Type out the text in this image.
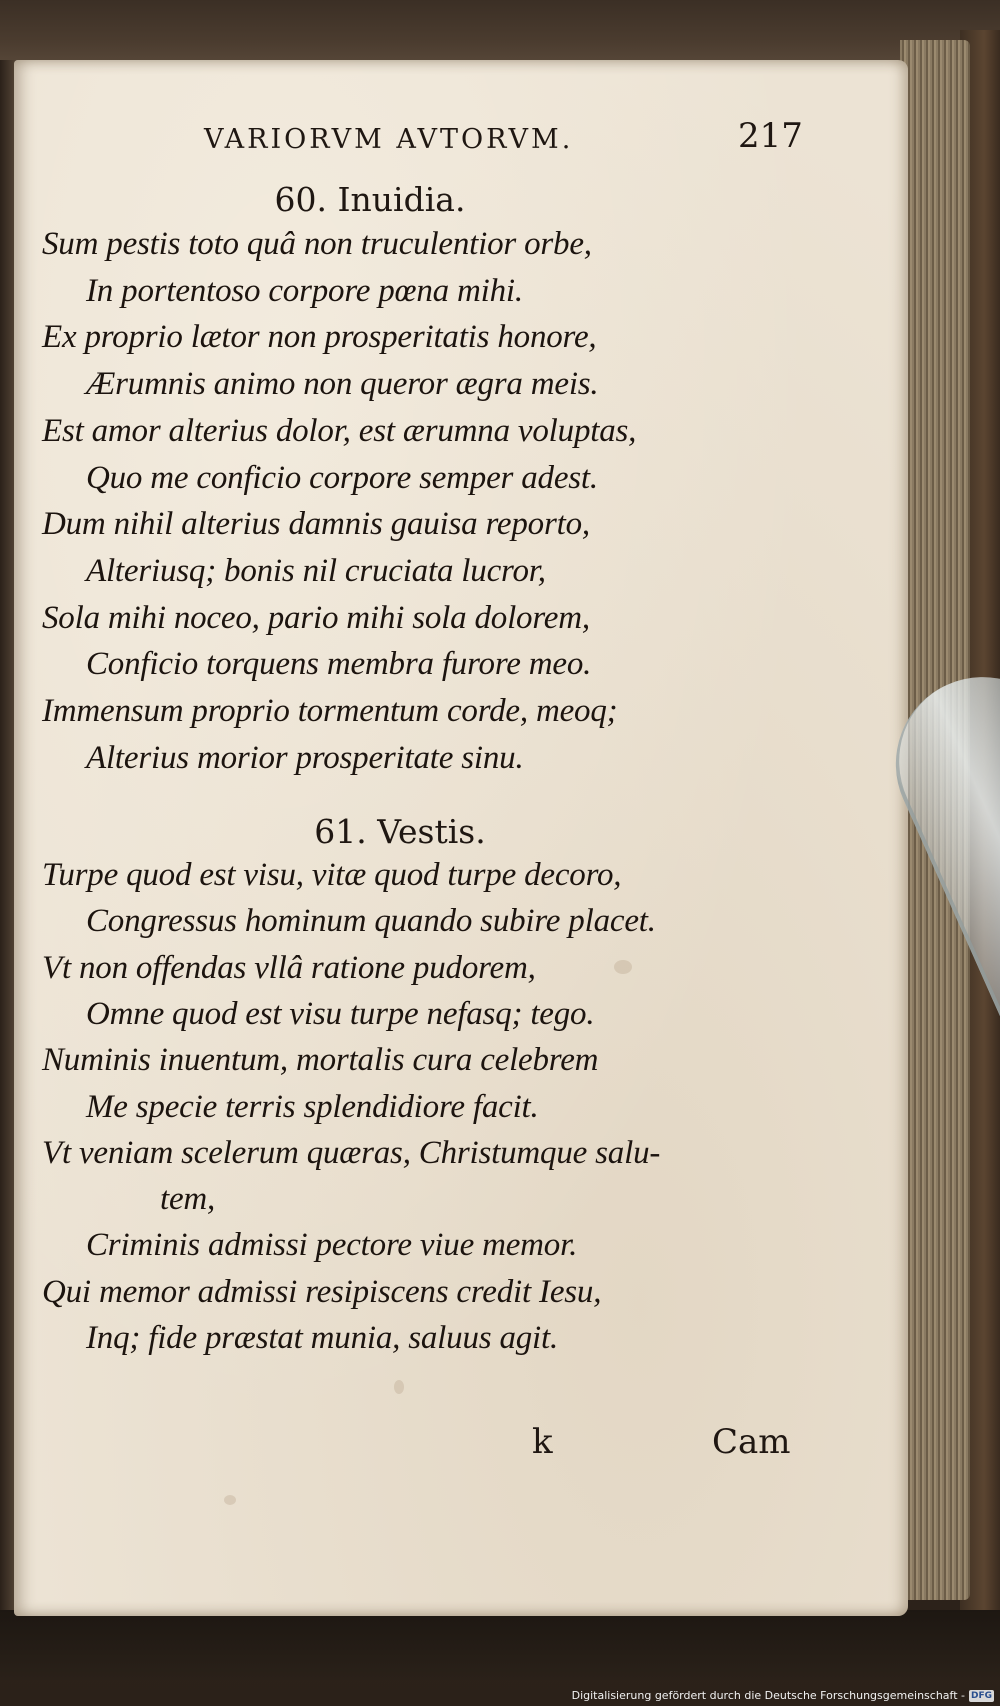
VARIORVM AVTORVM.	217
60. Inuidia.
Sum pestis toto quâ non truculentior orbe,
In portentoso corpore pœna mihi.
Ex proprio lætor non prosperitatis honore,
Ærumnis animo non queror ægra meis.
Est amor alterius dolor, est ærumna voluptas,
Quo me conficio corpore semper adest.
Dum nihil alterius damnis gauisa reporto,
Alteriusq; bonis nil cruciata lucror,
Sola mihi noceo, pario mihi sola dolorem,
Conficio torquens membra furore meo.
Immensum proprio tormentum corde, meoq;
Alterius morior prosperitate sinu.
61. Vestis.
Turpe quod est visu, vitæ quod turpe decoro,
Congressus hominum quando subire placet.
Vt non offendas vllâ ratione pudorem,
Omne quod est visu turpe nefasq; tego.
Numinis inuentum, mortalis cura celebrem
Me specie terris splendidiore facit.
Vt veniam scelerum quæras, Christumque salu-
tem,
Criminis admissi pectore viue memor.
Qui memor admissi resipiscens credit Iesu,
Inq; fide præstat munia, saluus agit.
k	Cam
Digitalisierung gefördert durch die Deutsche Forschungsgemeinschaft - DFG
